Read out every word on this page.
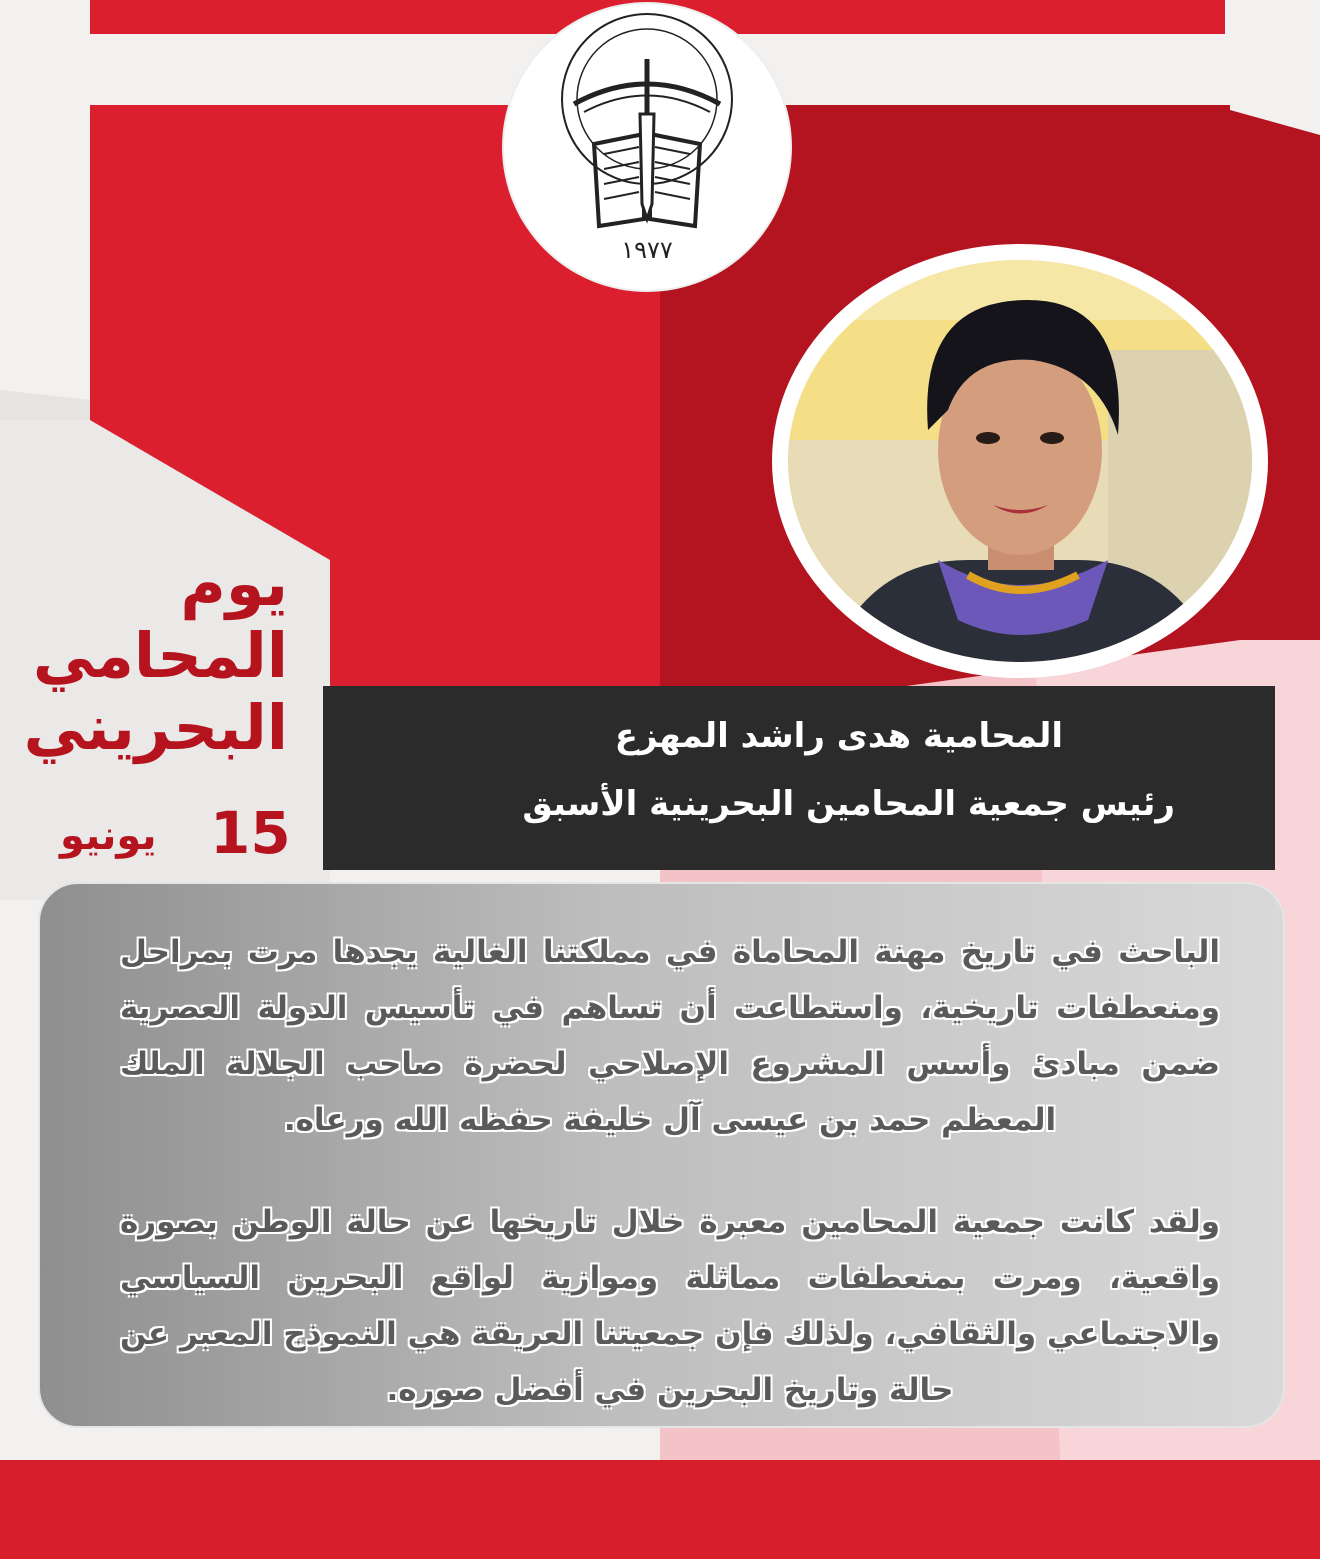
١٩٧٧
يوم
المحامي
البحريني
15
يونيو
المحامية هدى راشد المهزع
رئيس جمعية المحامين البحرينية الأسبق
الباحث في تاريخ مهنة المحاماة في مملكتنا الغالية يجدها مرت بمراحل ومنعطفات تاريخية، واستطاعت أن تساهم في تأسيس الدولة العصرية ضمن مبادئ وأسس المشروع الإصلاحي لحضرة صاحب الجلالة الملك المعظم حمد بن عيسى آل خليفة حفظه الله ورعاه.
ولقد كانت جمعية المحامين معبرة خلال تاريخها عن حالة الوطن بصورة واقعية، ومرت بمنعطفات مماثلة وموازية لواقع البحرين السياسي والاجتماعي والثقافي، ولذلك فإن جمعيتنا العريقة هي النموذج المعبر عن حالة وتاريخ البحرين في أفضل صوره.
